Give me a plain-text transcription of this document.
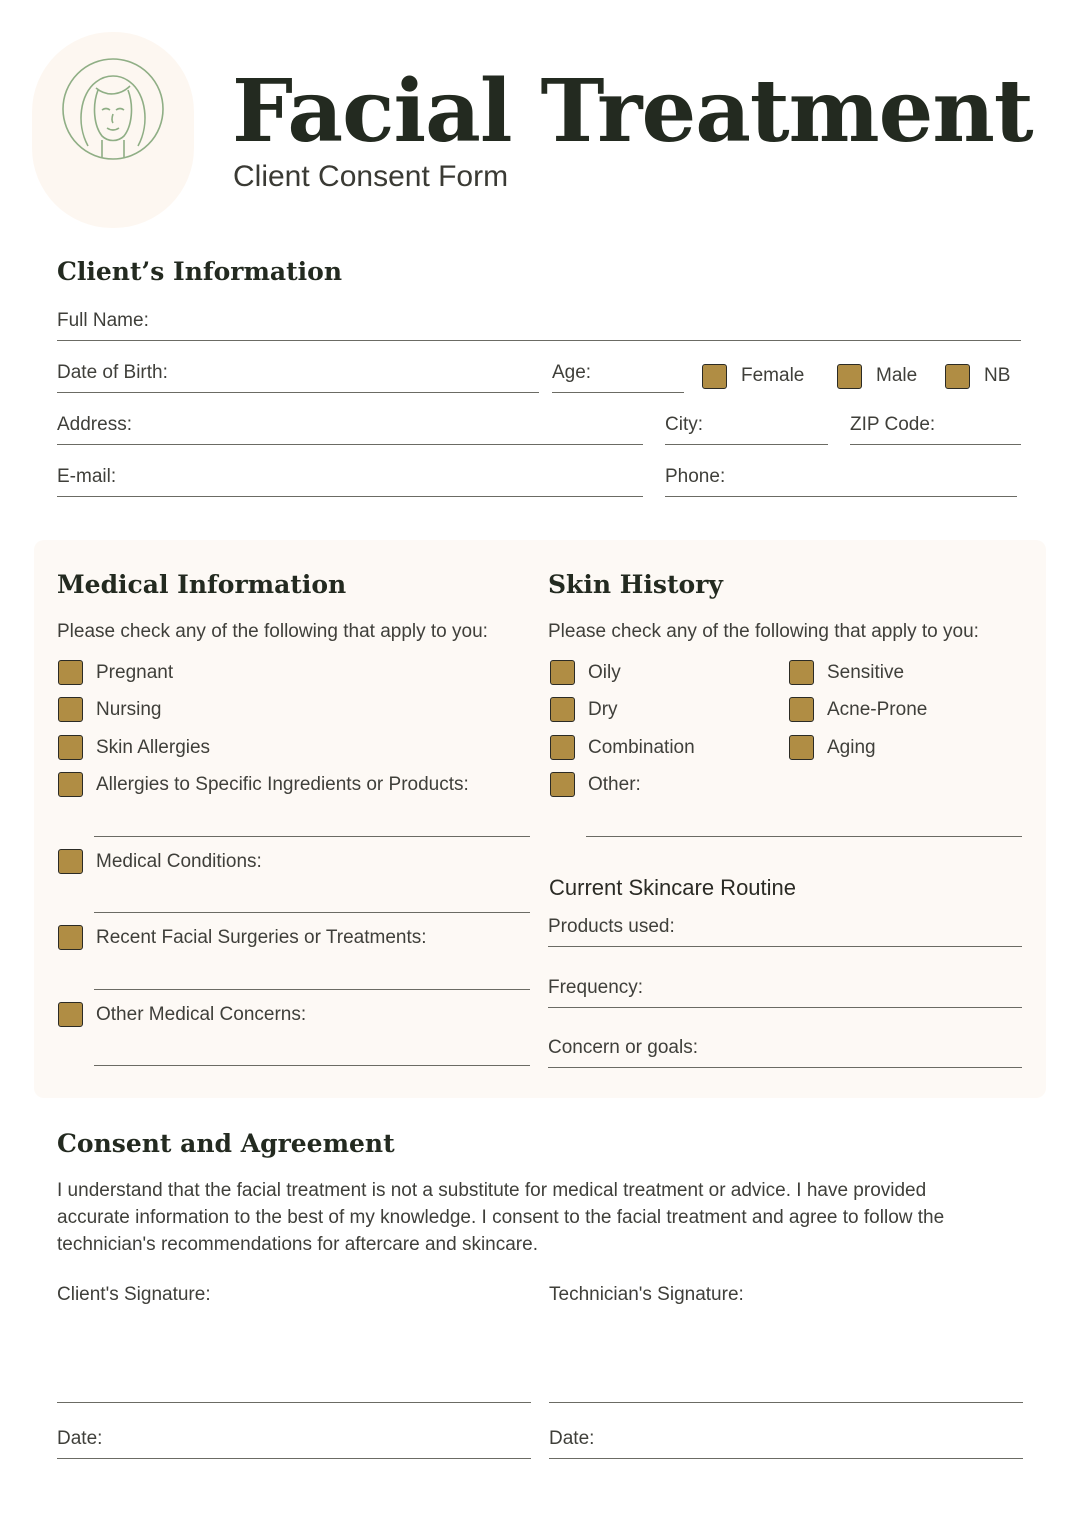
Facial Treatment
Client Consent Form
Client’s Information
Full Name:
Date of Birth:	Age:	Female	Male	NB
Address:	City:	ZIP Code:
E-mail:	Phone:
Medical Information
Please check any of the following that apply to you:
Pregnant
Nursing
Skin Allergies
Allergies to Specific Ingredients or Products:
Medical Conditions:
Recent Facial Surgeries or Treatments:
Other Medical Concerns:
Skin History
Please check any of the following that apply to you:
Oily
Dry
Combination
Other:
Sensitive
Acne-Prone
Aging
Current Skincare Routine
Products used:
Frequency:
Concern or goals:
Consent and Agreement
I understand that the facial treatment is not a substitute for medical treatment or advice. I have provided accurate information to the best of my knowledge. I consent to the facial treatment and agree to follow the technician's recommendations for aftercare and skincare.
Client's Signature:	Technician's Signature:
Date:	Date:
